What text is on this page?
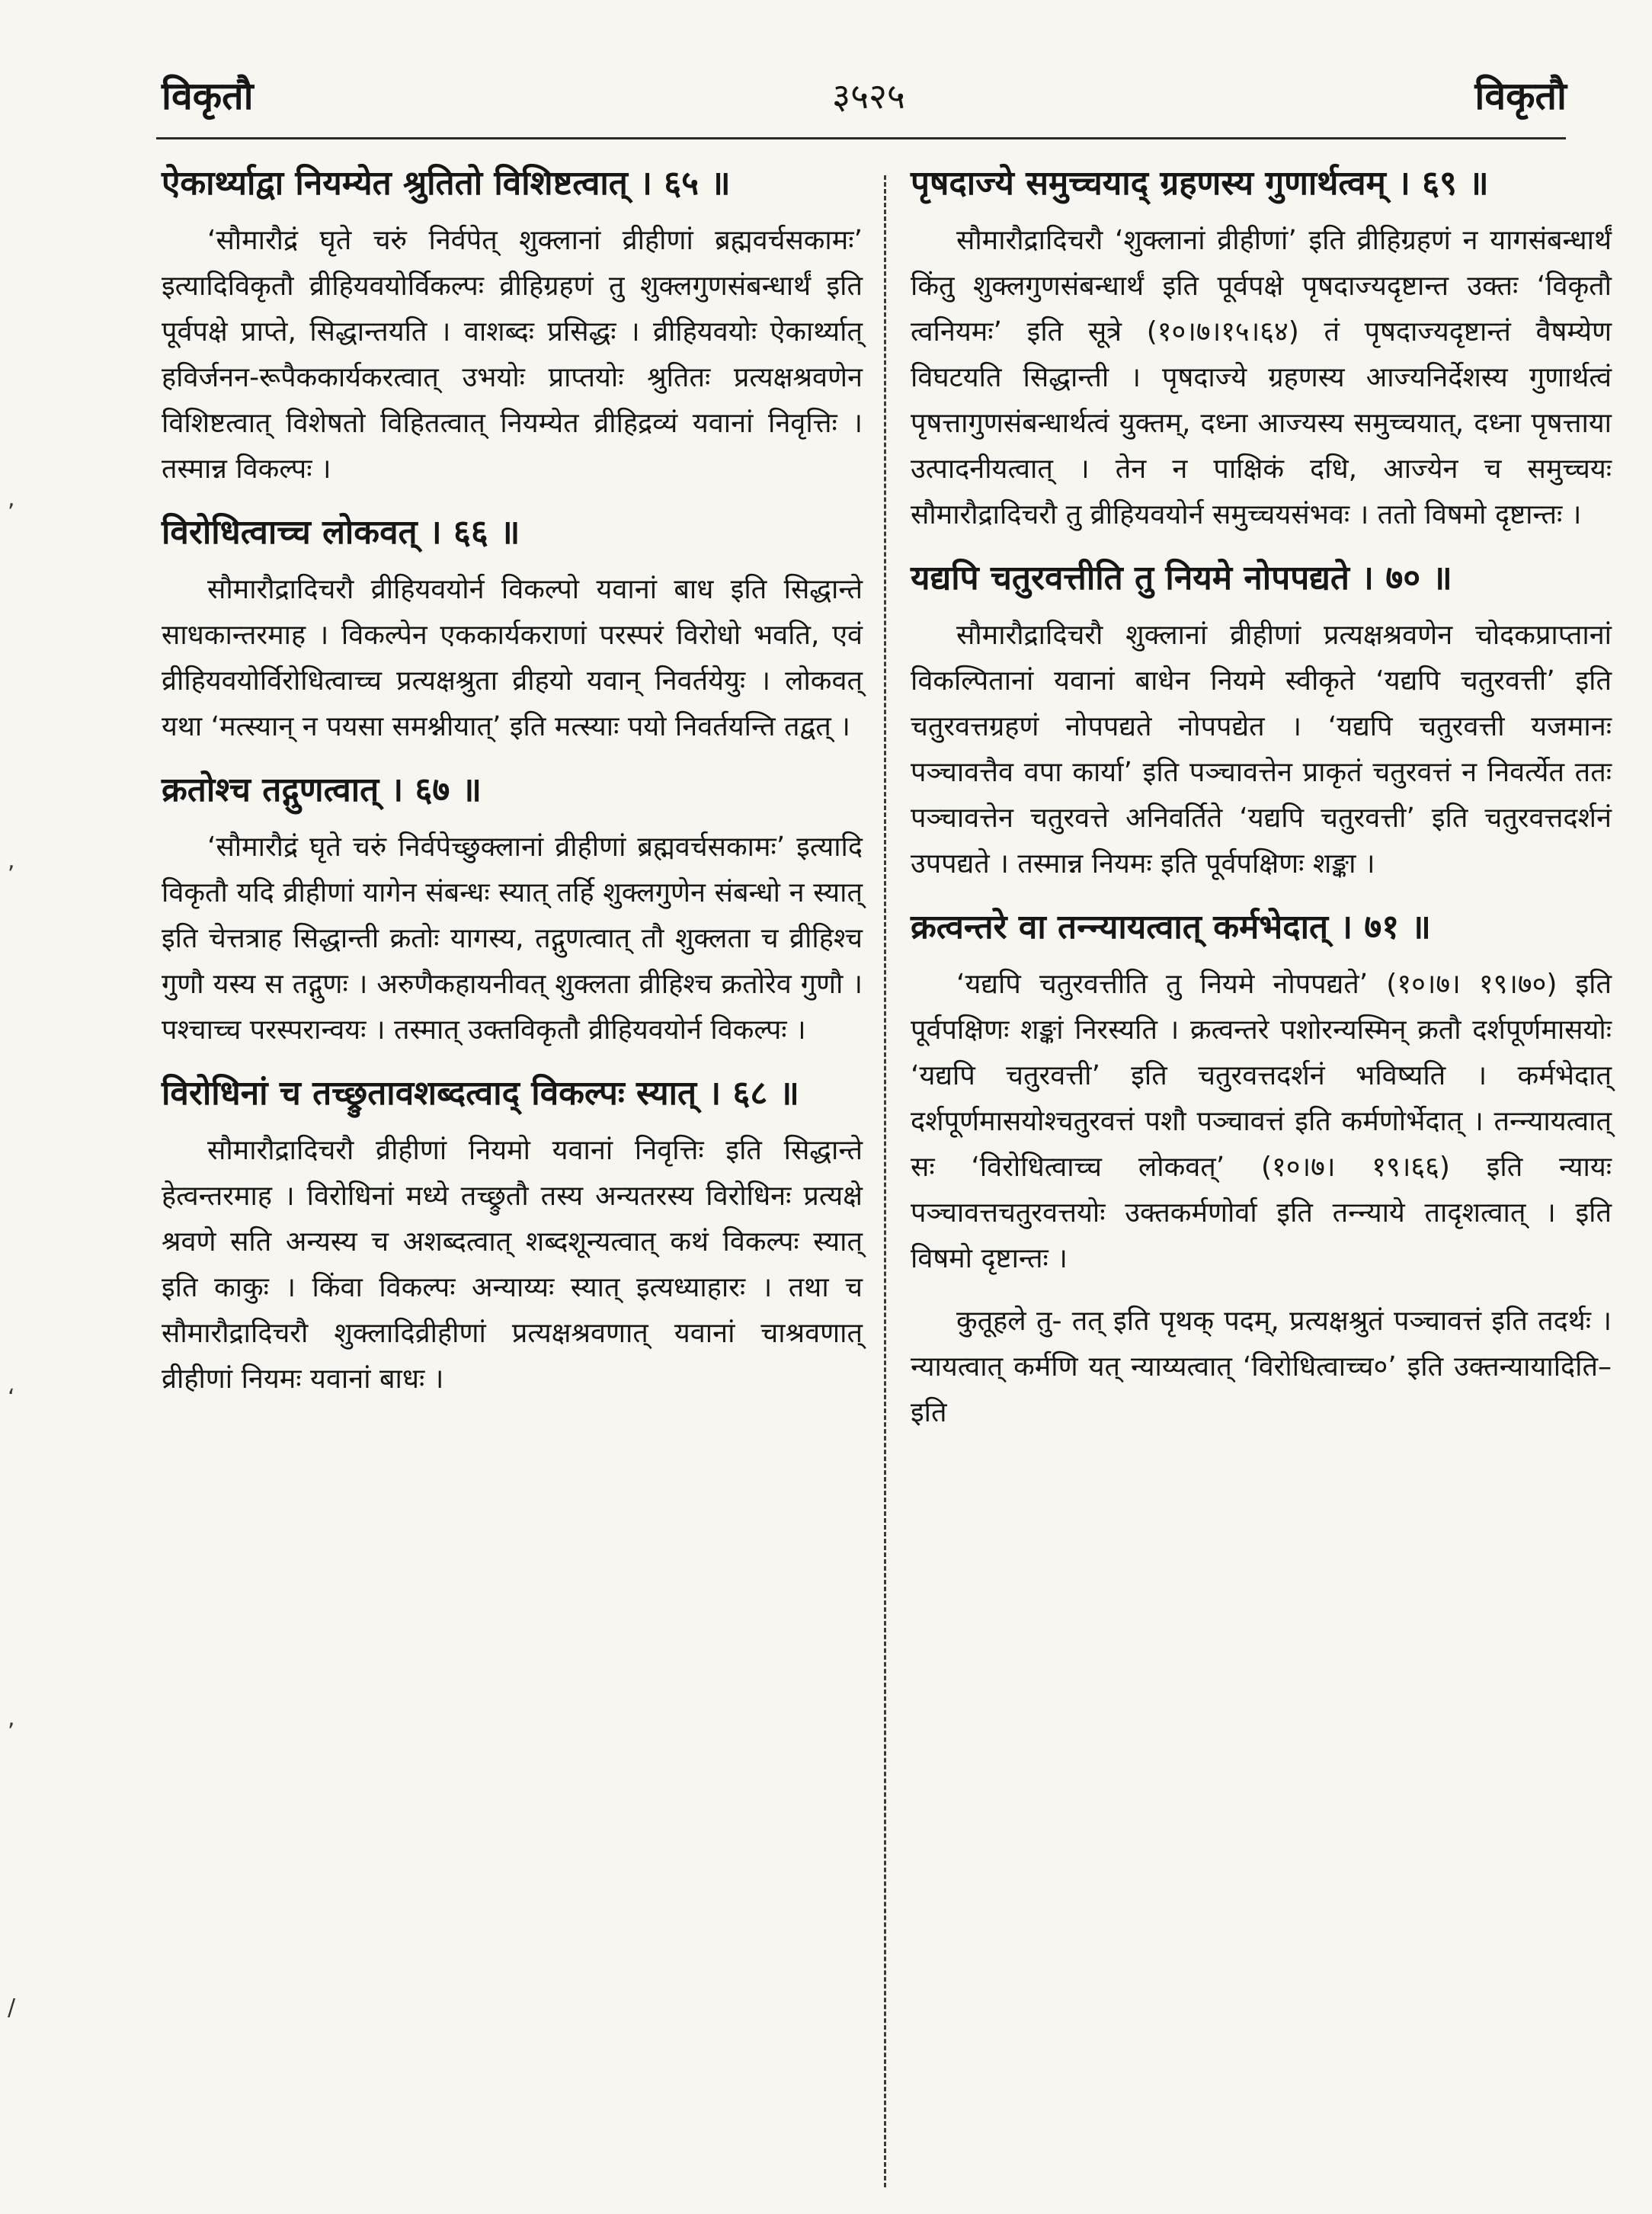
विकृतौ	३५२५	विकृतौ

ऐकार्थ्याद्वा नियम्येत श्रुतितो विशिष्टत्वात् । ६५ ॥

‘सौमारौद्रं घृते चरुं निर्वपेत् शुक्लानां व्रीहीणां ब्रह्मवर्चसकामः’ इत्यादिविकृतौ व्रीहियवयोर्विकल्पः व्रीहिग्रहणं तु शुक्लगुणसंबन्धार्थं इति पूर्वपक्षे प्राप्ते, सिद्धान्तयति । वाशब्दः प्रसिद्धः । व्रीहियवयोः ऐकार्थ्यात् हविर्जनन-रूपैककार्यकरत्वात् उभयोः प्राप्तयोः श्रुतितः प्रत्यक्षश्रवणेन विशिष्टत्वात् विशेषतो विहितत्वात् नियम्येत व्रीहिद्रव्यं यवानां निवृत्तिः । तस्मान्न विकल्पः ।

विरोधित्वाच्च लोकवत् । ६६ ॥

सौमारौद्रादिचरौ व्रीहियवयोर्न विकल्पो यवानां बाध इति सिद्धान्ते साधकान्तरमाह । विकल्पेन एककार्यकराणां परस्परं विरोधो भवति, एवं व्रीहियवयोर्विरोधित्वाच्च प्रत्यक्षश्रुता व्रीहयो यवान् निवर्तयेयुः । लोकवत् यथा ‘मत्स्यान् न पयसा समश्नीयात्’ इति मत्स्याः पयो निवर्तयन्ति तद्वत् ।

क्रतोश्च तद्गुणत्वात् । ६७ ॥

‘सौमारौद्रं घृते चरुं निर्वपेच्छुक्लानां व्रीहीणां ब्रह्मवर्चसकामः’ इत्यादि विकृतौ यदि व्रीहीणां यागेन संबन्धः स्यात् तर्हि शुक्लगुणेन संबन्धो न स्यात् इति चेत्तत्राह सिद्धान्ती क्रतोः यागस्य, तद्गुणत्वात् तौ शुक्लता च व्रीहिश्च गुणौ यस्य स तद्गुणः । अरुणैकहायनीवत् शुक्लता व्रीहिश्च क्रतोरेव गुणौ । पश्चाच्च परस्परान्वयः । तस्मात् उक्तविकृतौ व्रीहियवयोर्न विकल्पः ।

विरोधिनां च तच्छ्रुतावशब्दत्वाद् विकल्पः स्यात् । ६८ ॥

सौमारौद्रादिचरौ व्रीहीणां नियमो यवानां निवृत्तिः इति सिद्धान्ते हेत्वन्तरमाह । विरोधिनां मध्ये तच्छ्रुतौ तस्य अन्यतरस्य विरोधिनः प्रत्यक्षे श्रवणे सति अन्यस्य च अशब्दत्वात् शब्दशून्यत्वात् कथं विकल्पः स्यात् इति काकुः । किंवा विकल्पः अन्याय्यः स्यात् इत्यध्याहारः । तथा च सौमारौद्रादिचरौ शुक्लादिव्रीहीणां प्रत्यक्षश्रवणात् यवानां चाश्रवणात् व्रीहीणां नियमः यवानां बाधः ।

पृषदाज्ये समुच्चयाद् ग्रहणस्य गुणार्थत्वम् । ६९ ॥

सौमारौद्रादिचरौ ‘शुक्लानां व्रीहीणां’ इति व्रीहिग्रहणं न यागसंबन्धार्थं किंतु शुक्लगुणसंबन्धार्थं इति पूर्वपक्षे पृषदाज्यदृष्टान्त उक्तः ‘विकृतौ त्वनियमः’ इति सूत्रे (१०।७।१५।६४) तं पृषदाज्यदृष्टान्तं वैषम्येण विघटयति सिद्धान्ती । पृषदाज्ये ग्रहणस्य आज्यनिर्देशस्य गुणार्थत्वं पृषत्तागुणसंबन्धार्थत्वं युक्तम्, दध्ना आज्यस्य समुच्चयात्, दध्ना पृषत्ताया उत्पादनीयत्वात् । तेन न पाक्षिकं दधि, आज्येन च समुच्चयः सौमारौद्रादिचरौ तु व्रीहियवयोर्न समुच्चयसंभवः । ततो विषमो दृष्टान्तः ।

यद्यपि चतुरवत्तीति तु नियमे नोपपद्यते । ७० ॥

सौमारौद्रादिचरौ शुक्लानां व्रीहीणां प्रत्यक्षश्रवणेन चोदकप्राप्तानां विकल्पितानां यवानां बाधेन नियमे स्वीकृते ‘यद्यपि चतुरवत्ती’ इति चतुरवत्तग्रहणं नोपपद्यते नोपपद्येत । ‘यद्यपि चतुरवत्ती यजमानः पञ्चावत्तैव वपा कार्या’ इति पञ्चावत्तेन प्राकृतं चतुरवत्तं न निवर्त्येत ततः पञ्चावत्तेन चतुरवत्ते अनिवर्तिते ‘यद्यपि चतुरवत्ती’ इति चतुरवत्तदर्शनं उपपद्यते । तस्मान्न नियमः इति पूर्वपक्षिणः शङ्का ।

क्रत्वन्तरे वा तन्न्यायत्वात् कर्मभेदात् । ७१ ॥

‘यद्यपि चतुरवत्तीति तु नियमे नोपपद्यते’ (१०।७। १९।७०) इति पूर्वपक्षिणः शङ्कां निरस्यति । क्रत्वन्तरे पशोरन्यस्मिन् क्रतौ दर्शपूर्णमासयोः ‘यद्यपि चतुरवत्ती’ इति चतुरवत्तदर्शनं भविष्यति । कर्मभेदात् दर्शपूर्णमासयोश्चतुरवत्तं पशौ पञ्चावत्तं इति कर्मणोर्भेदात् । तन्न्यायत्वात् सः ‘विरोधित्वाच्च लोकवत्’ (१०।७। १९।६६) इति न्यायः पञ्चावत्तचतुरवत्तयोः उक्तकर्मणोर्वा इति तन्न्याये तादृशत्वात् । इति विषमो दृष्टान्तः ।

कुतूहले तु- तत् इति पृथक् पदम्, प्रत्यक्षश्रुतं पञ्चावत्तं इति तदर्थः । न्यायत्वात् कर्मणि यत् न्याय्यत्वात् ‘विरोधित्वाच्च०’ इति उक्तन्यायादिति– इति

,
,
‘
,
/
